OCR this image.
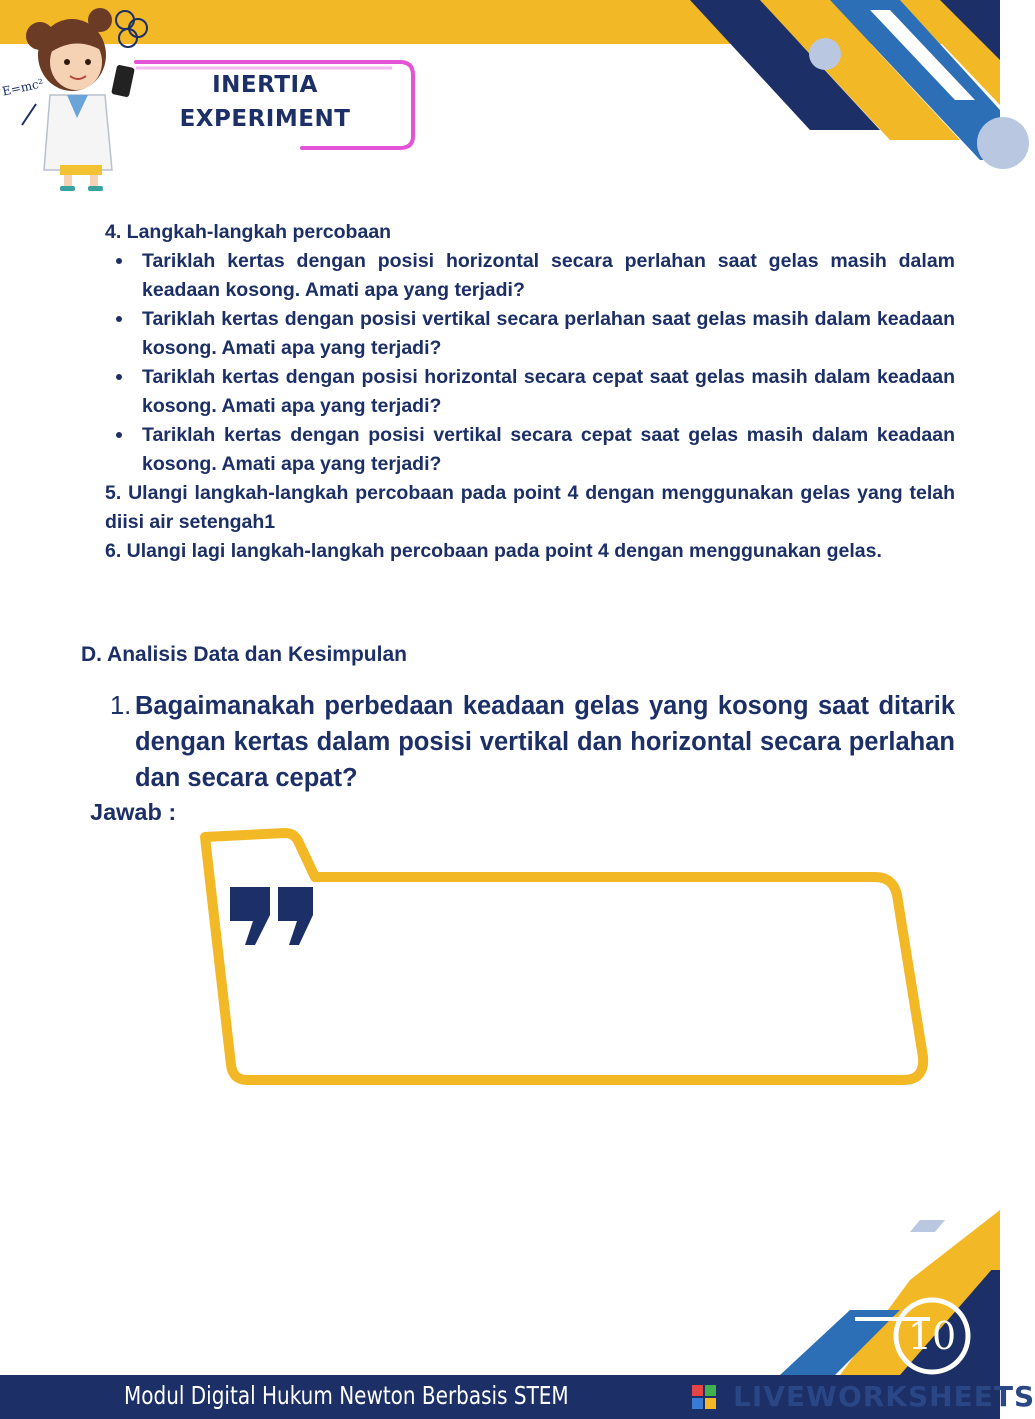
E=mc²	INERTIA
EXPERIMENT

4. Langkah-langkah percobaan

Tariklah kertas dengan posisi horizontal secara perlahan saat gelas masih dalam keadaan kosong. Amati apa yang terjadi?
Tariklah kertas dengan posisi vertikal secara perlahan saat gelas masih dalam keadaan kosong. Amati apa yang terjadi?
Tariklah kertas dengan posisi horizontal secara cepat saat gelas masih dalam keadaan kosong. Amati apa yang terjadi?
Tariklah kertas dengan posisi vertikal secara cepat saat gelas masih dalam keadaan kosong. Amati apa yang terjadi?

5. Ulangi langkah-langkah percobaan pada point 4 dengan menggunakan gelas yang telah diisi air setengah1

6. Ulangi lagi langkah-langkah percobaan pada point 4 dengan menggunakan gelas.

D. Analisis Data dan Kesimpulan
1. Bagaimanakah perbedaan keadaan gelas yang kosong saat ditarik dengan kertas dalam posisi vertikal dan horizontal secara perlahan dan secara cepat?
Jawab :
10
Modul Digital Hukum Newton Berbasis STEM	LIVEWORKSHEETS
